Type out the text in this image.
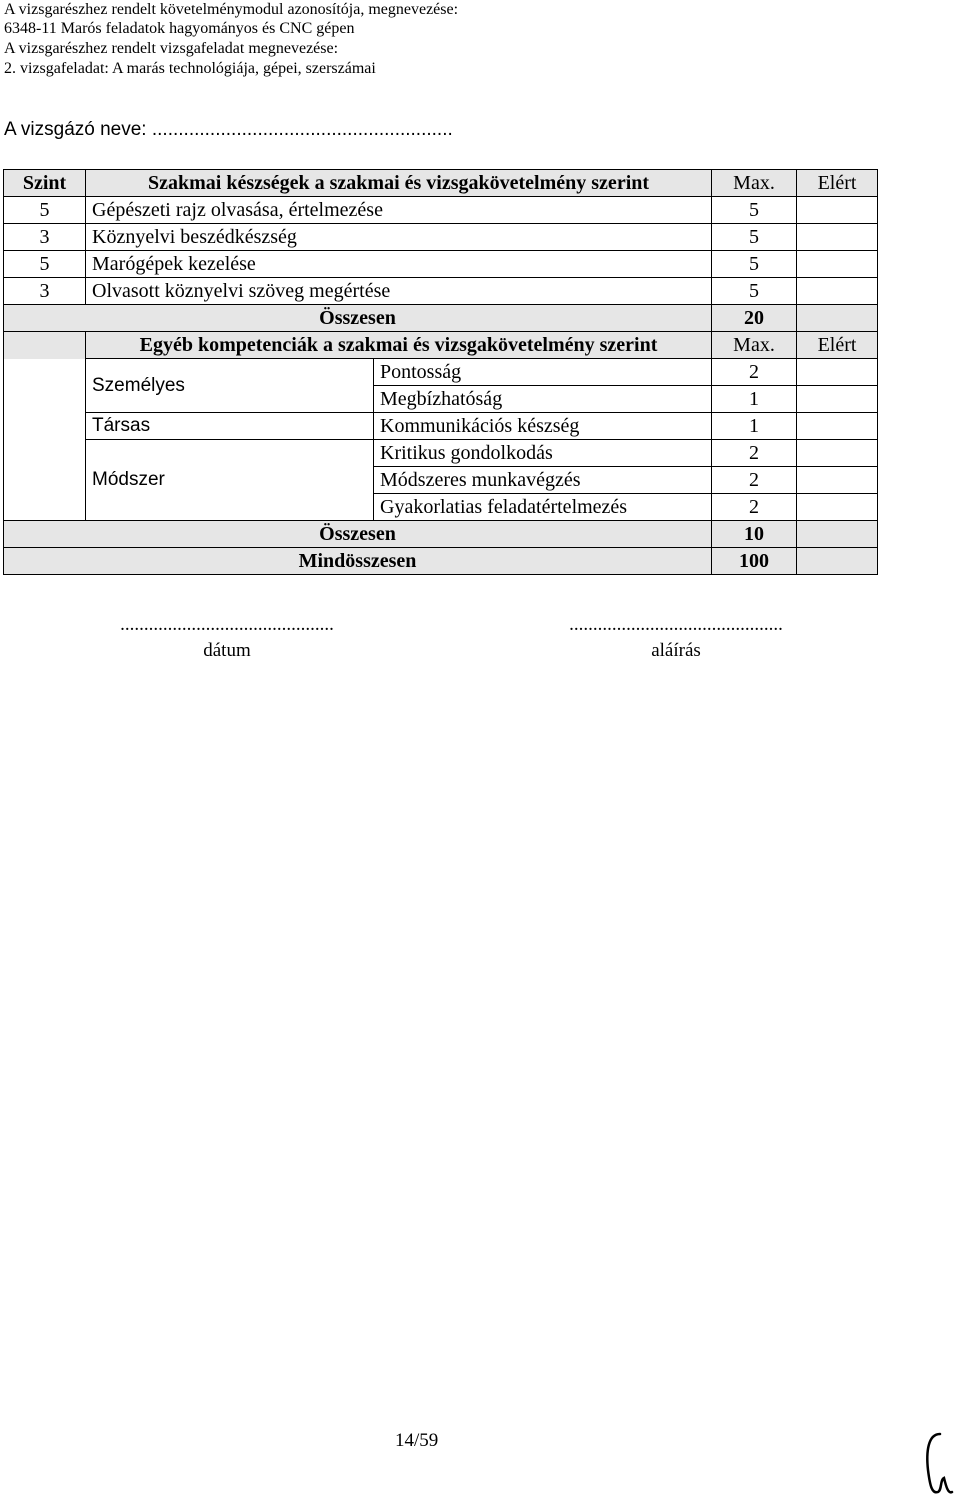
A vizsgarészhez rendelt követelménymodul azonosítója, megnevezése:
6348-11 Marós feladatok hagyományos és CNC gépen
A vizsgarészhez rendelt vizsgafeladat megnevezése:
2. vizsgafeladat: A marás technológiája, gépei, szerszámai
A vizsgázó neve: .........................................................
Szint	Szakmai készségek a szakmai és vizsgakövetelmény szerint		Max.	Elért
5	Gépészeti rajz olvasása, értelmezése		5	
3	Köznyelvi beszédkészség		5	
5	Marógépek kezelése		5	
3	Olvasott köznyelvi szöveg megértése		5	
Összesen			20	
	Egyéb kompetenciák a szakmai és vizsgakövetelmény szerint		Max.	Elért
	Személyes	Pontosság	2	
		Megbízhatóság	1	
	Társas	Kommunikációs készség	1	
	Módszer	Kritikus gondolkodás	2	
		Módszeres munkavégzés	2	
		Gyakorlatias feladatértelmezés	2	
Összesen			10	
Mindösszesen			100	
.............................................
dátum
.............................................
aláírás
14/59
